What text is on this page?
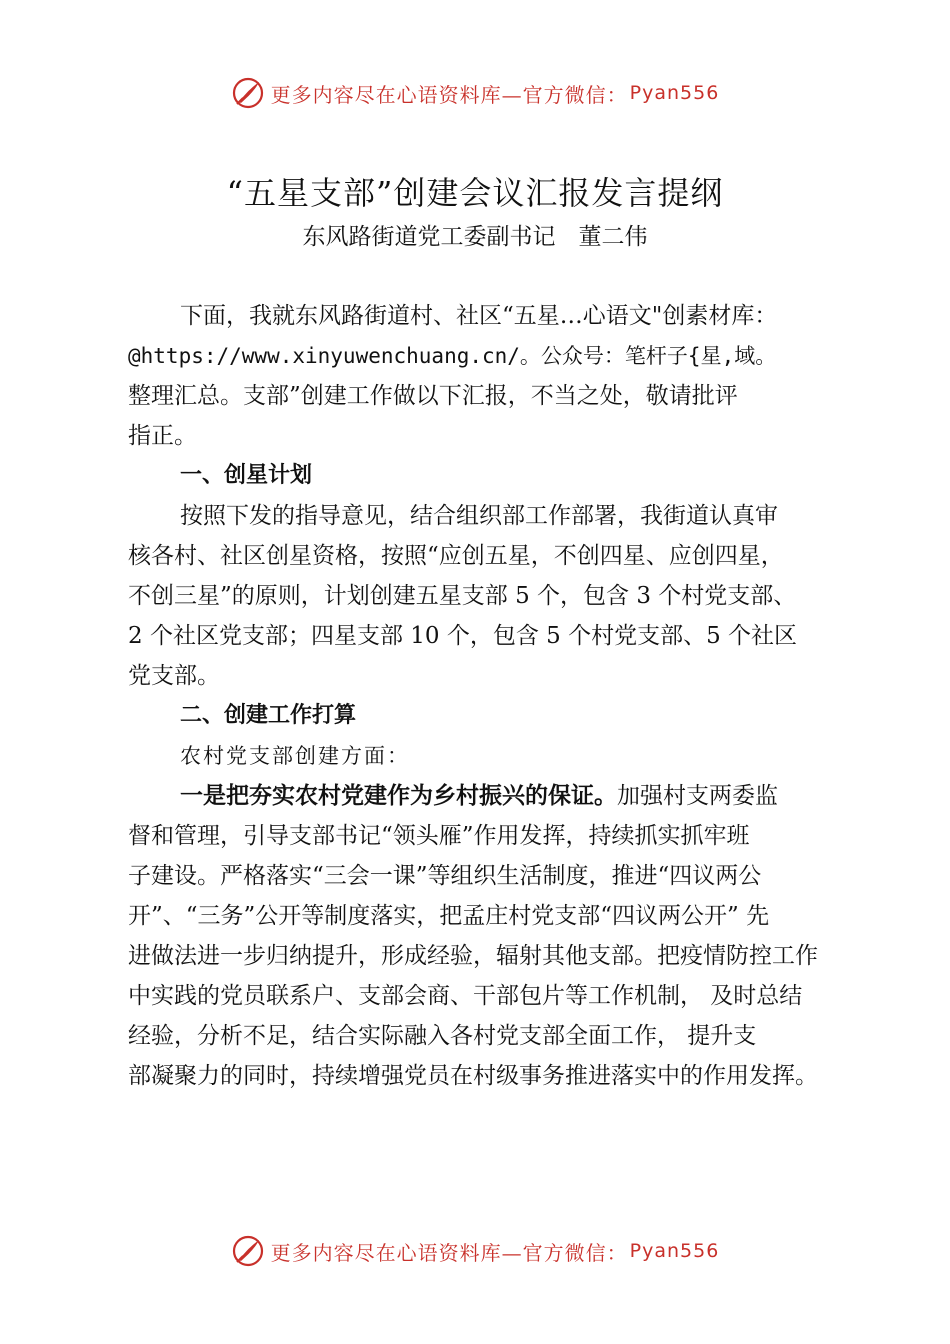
更多内容尽在心语资料库—官方微信： Pyan556
“五星支部”创建会议汇报发言提纲
东风路街道党工委副书记　董二伟
下面，我就东风路街道村、社区“五星…心语文"创素材库：
@https://www.xinyuwenchuang.cn/。公众号：笔杆子{星,域。
整理汇总。支部”创建工作做以下汇报，不当之处，敬请批评
指正。
一、创星计划
按照下发的指导意见，结合组织部工作部署，我街道认真审
核各村、社区创星资格，按照“应创五星，不创四星、应创四星，
不创三星”的原则，计划创建五星支部 5 个，包含 3 个村党支部、
2 个社区党支部；四星支部 10 个，包含 5 个村党支部、5 个社区
党支部。
二、创建工作打算
农村党支部创建方面：
一是把夯实农村党建作为乡村振兴的保证。加强村支两委监
督和管理，引导支部书记“领头雁”作用发挥，持续抓实抓牢班
子建设。严格落实“三会一课”等组织生活制度，推进“四议两公
开”、“三务”公开等制度落实，把孟庄村党支部“四议两公开” 先
进做法进一步归纳提升，形成经验，辐射其他支部。把疫情防控工作
中实践的党员联系户、支部会商、干部包片等工作机制， 及时总结
经验，分析不足，结合实际融入各村党支部全面工作， 提升支
部凝聚力的同时，持续增强党员在村级事务推进落实中的作用发挥。
更多内容尽在心语资料库—官方微信： Pyan556
